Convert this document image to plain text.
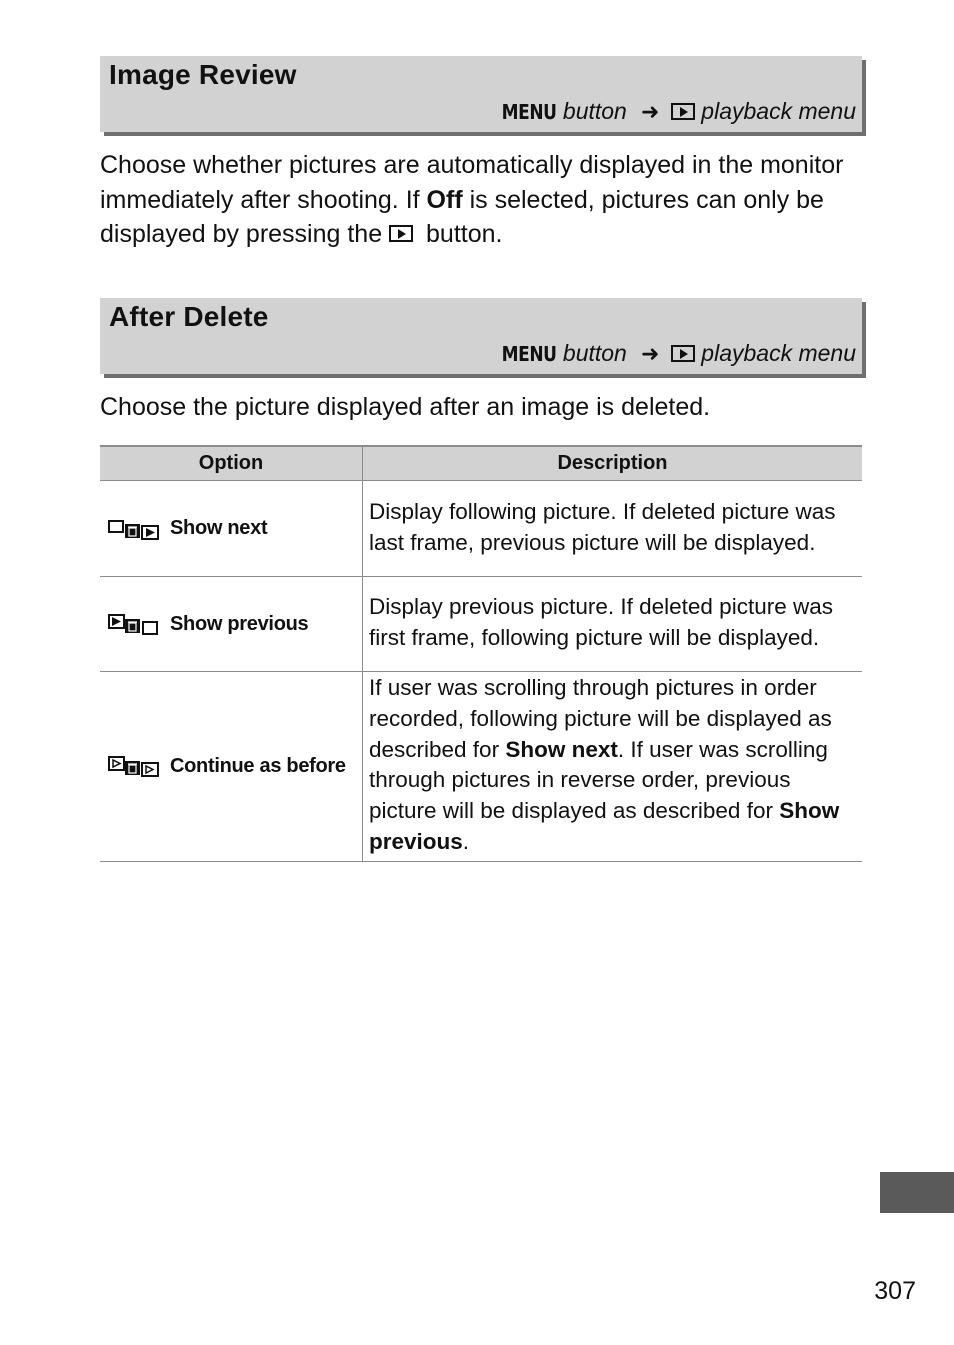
Image Review
MENU button ➜ playback menu
Choose whether pictures are automatically displayed in the monitor immediately after shooting. If Off is selected, pictures can only be displayed by pressing the  button.
After Delete
MENU button ➜ playback menu
Choose the picture displayed after an image is deleted.
Option	Description

Show next	Display following picture. If deleted picture was last frame, previous picture will be displayed.

Show previous	Display previous picture. If deleted picture was first frame, following picture will be displayed.

Continue as before	If user was scrolling through pictures in order recorded, following picture will be displayed as described for Show next. If user was scrolling through pictures in reverse order, previous picture will be displayed as described for Show previous.
307
